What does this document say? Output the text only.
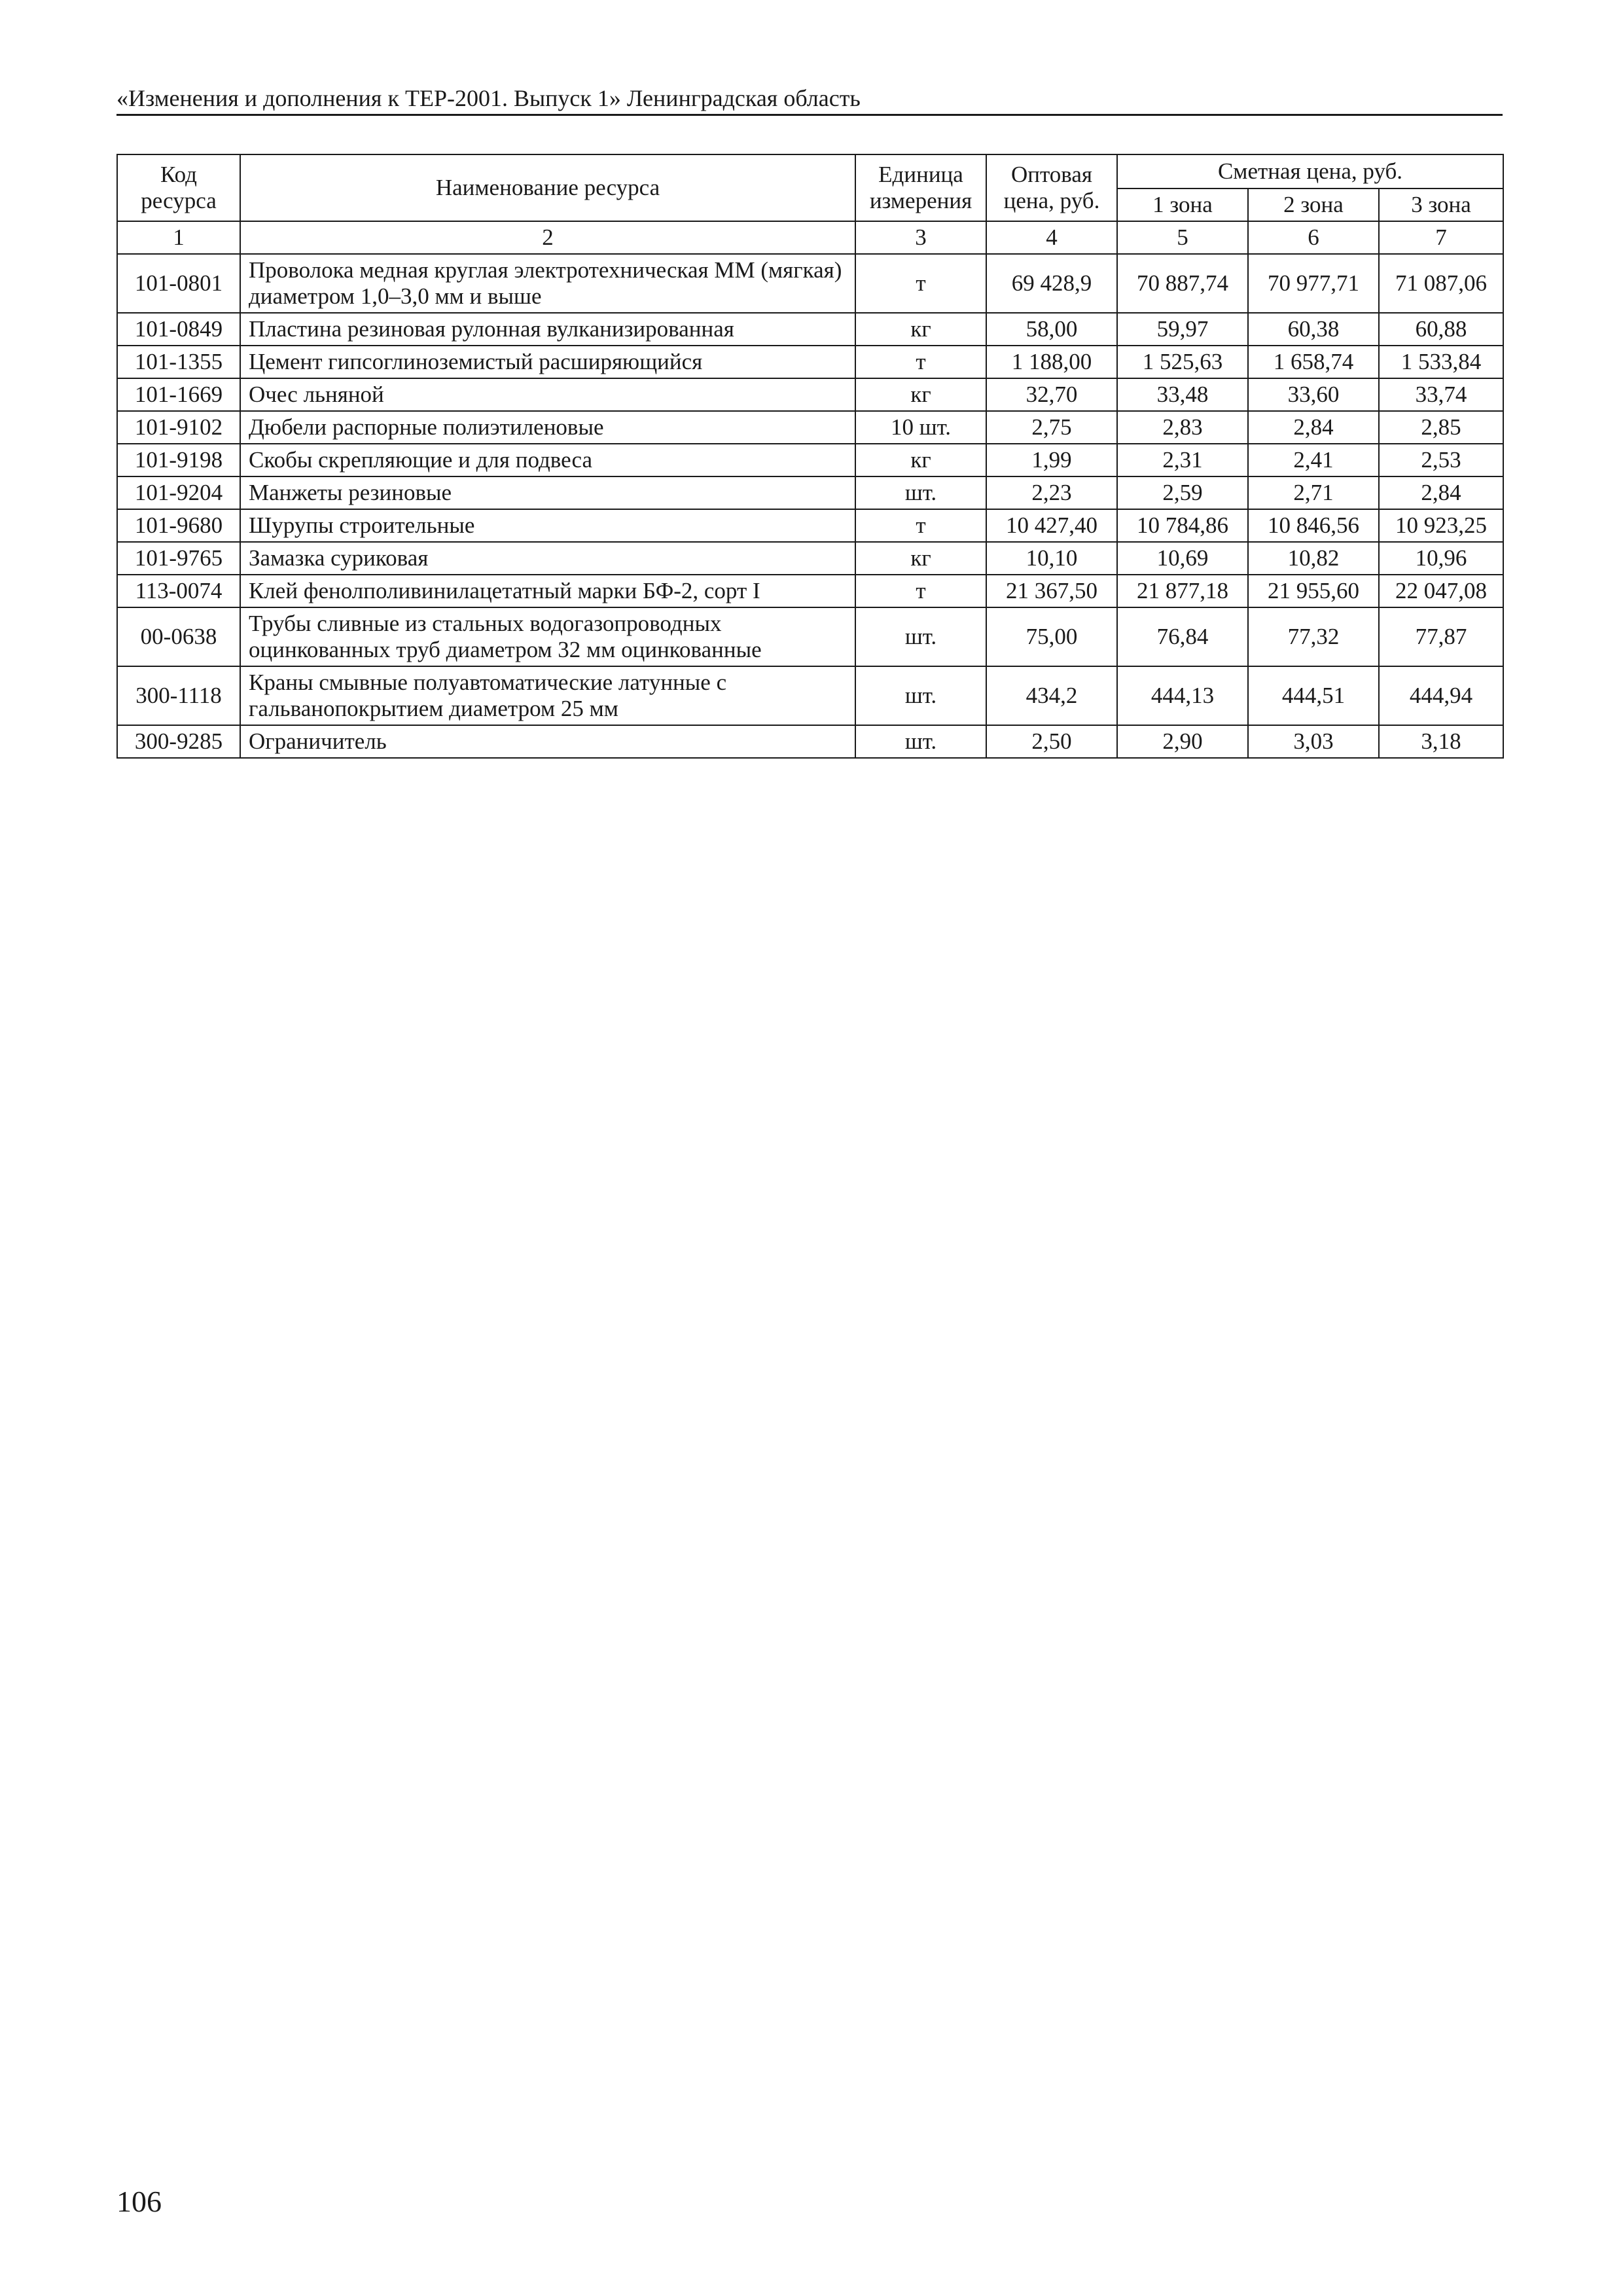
«Изменения и дополнения к ТЕР-2001. Выпуск 1» Ленинградская область
Код ресурса	Наименование ресурса	Единица измерения	Оптовая цена, руб.	Сметная цена, руб.		
				1 зона	2 зона	3 зона
1	2	3	4	5	6	7
101-0801	Проволока медная круглая электротехническая ММ (мягкая) диаметром 1,0–3,0 мм и выше	т	69 428,9	70 887,74	70 977,71	71 087,06
101-0849	Пластина резиновая рулонная вулканизированная	кг	58,00	59,97	60,38	60,88
101-1355	Цемент гипсоглиноземистый расширяющийся	т	1 188,00	1 525,63	1 658,74	1 533,84
101-1669	Очес льняной	кг	32,70	33,48	33,60	33,74
101-9102	Дюбели распорные полиэтиленовые	10 шт.	2,75	2,83	2,84	2,85
101-9198	Скобы скрепляющие и для подвеса	кг	1,99	2,31	2,41	2,53
101-9204	Манжеты резиновые	шт.	2,23	2,59	2,71	2,84
101-9680	Шурупы строительные	т	10 427,40	10 784,86	10 846,56	10 923,25
101-9765	Замазка суриковая	кг	10,10	10,69	10,82	10,96
113-0074	Клей фенолполивинилацетатный марки БФ-2, сорт I	т	21 367,50	21 877,18	21 955,60	22 047,08
00-0638	Трубы сливные из стальных водогазопроводных оцинкованных труб диаметром 32 мм оцинкованные	шт.	75,00	76,84	77,32	77,87
300-1118	Краны смывные полуавтоматические латунные с гальванопокрытием диаметром 25 мм	шт.	434,2	444,13	444,51	444,94
300-9285	Ограничитель	шт.	2,50	2,90	3,03	3,18
106
